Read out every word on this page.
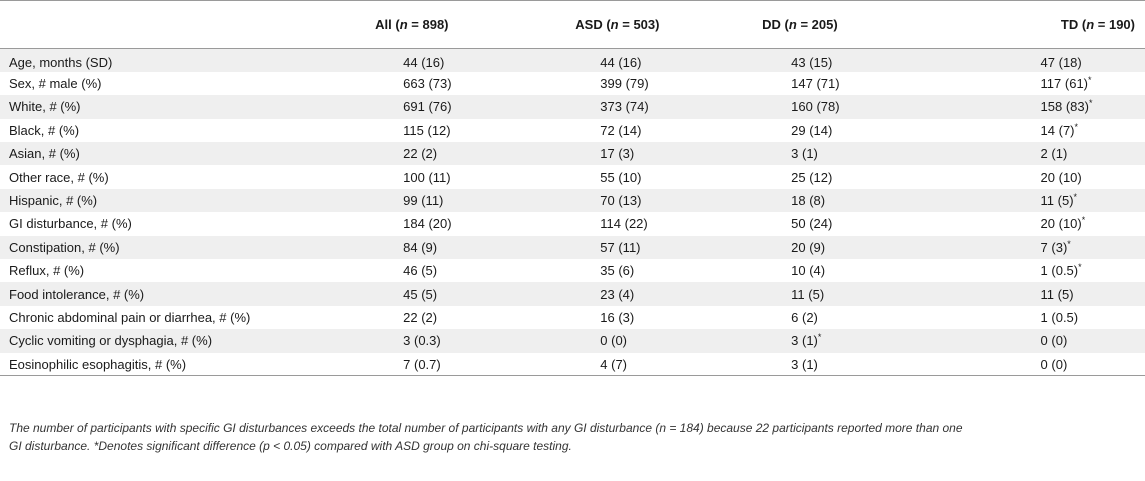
	All (n = 898)	ASD (n = 503)	DD (n = 205)	TD (n = 190)
Age, months (SD)	44 (16)	44 (16)	43 (15)	47 (18)
Sex, # male (%)	663 (73)	399 (79)	147 (71)	117 (61)*
White, # (%)	691 (76)	373 (74)	160 (78)	158 (83)*
Black, # (%)	115 (12)	72 (14)	29 (14)	14 (7)*
Asian, # (%)	22 (2)	17 (3)	3 (1)	2 (1)
Other race, # (%)	100 (11)	55 (10)	25 (12)	20 (10)
Hispanic, # (%)	99 (11)	70 (13)	18 (8)	11 (5)*
GI disturbance, # (%)	184 (20)	114 (22)	50 (24)	20 (10)*
Constipation, # (%)	84 (9)	57 (11)	20 (9)	7 (3)*
Reflux, # (%)	46 (5)	35 (6)	10 (4)	1 (0.5)*
Food intolerance, # (%)	45 (5)	23 (4)	11 (5)	11 (5)
Chronic abdominal pain or diarrhea, # (%)	22 (2)	16 (3)	6 (2)	1 (0.5)
Cyclic vomiting or dysphagia, # (%)	3 (0.3)	0 (0)	3 (1)*	0 (0)
Eosinophilic esophagitis, # (%)	7 (0.7)	4 (7)	3 (1)	0 (0)
The number of participants with specific GI disturbances exceeds the total number of participants with any GI disturbance (n = 184) because 22 participants reported more than one
GI disturbance. *Denotes significant difference (p < 0.05) compared with ASD group on chi-square testing.
